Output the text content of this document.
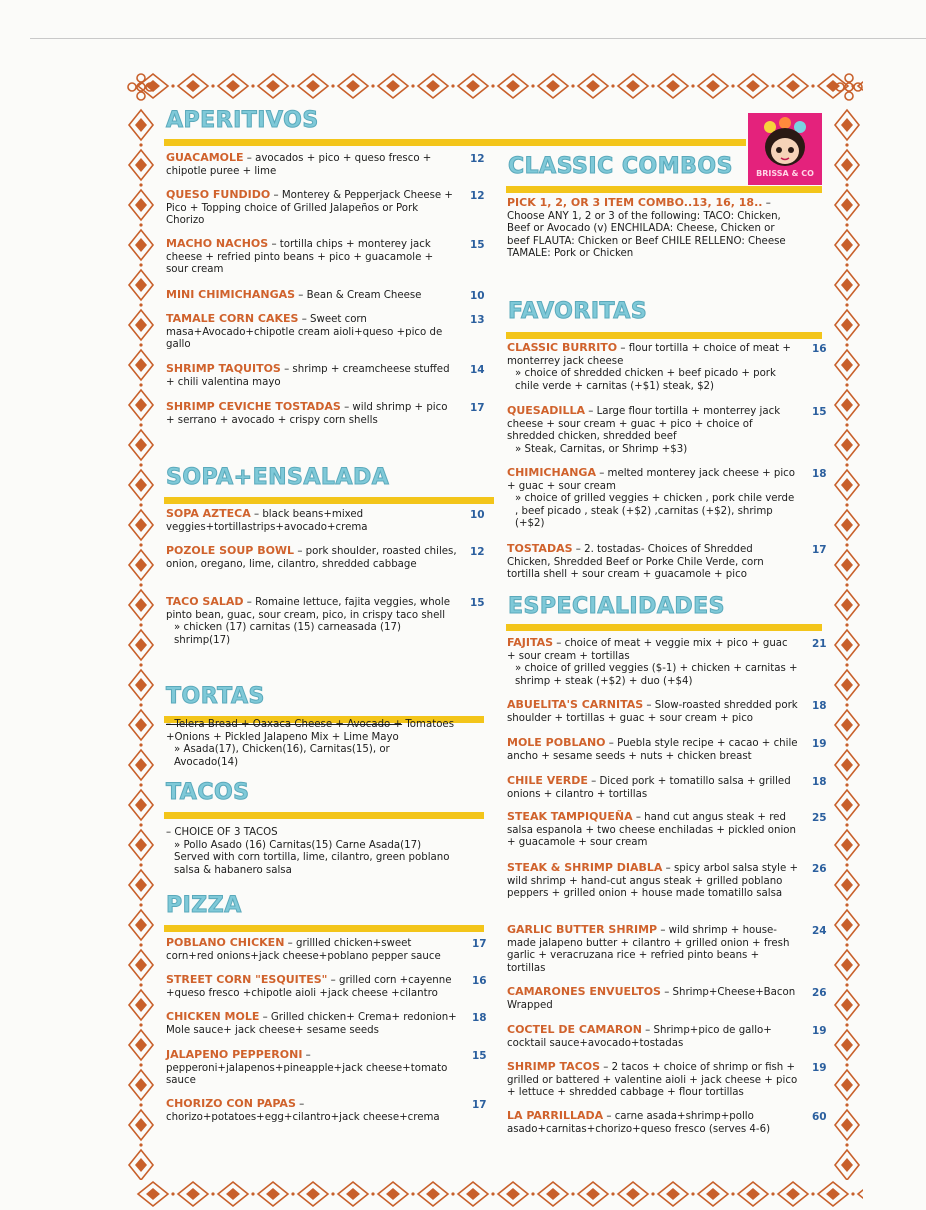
BRISSA & CO
APERITIVOS
GUACAMOLE – avocados + pico + queso fresco + chipotle puree + lime
12
QUESO FUNDIDO – Monterey & Pepperjack Cheese + Pico + Topping choice of Grilled Jalapeños or Pork Chorizo
12
MACHO NACHOS – tortilla chips + monterey jack cheese + refried pinto beans + pico + guacamole + sour cream
15
MINI CHIMICHANGAS – Bean & Cream Cheese	10
TAMALE CORN CAKES – Sweet corn masa+Avocado+chipotle cream aioli+queso +pico de gallo
13
SHRIMP TAQUITOS – shrimp + creamcheese stuffed + chili valentina mayo
14
SHRIMP CEVICHE TOSTADAS – wild shrimp + pico + serrano + avocado + crispy corn shells
17
SOPA+ENSALADA
SOPA AZTECA – black beans+mixed veggies+tortillastrips+avocado+crema
10
POZOLE SOUP BOWL – pork shoulder, roasted chiles, onion, oregano, lime, cilantro, shredded cabbage
12
TACO SALAD – Romaine lettuce, fajita veggies, whole pinto bean, guac, sour cream, pico, in crispy taco shell
» chicken (17) carnitas (15) carneasada (17) shrimp(17)
15
TORTAS
– Telera Bread + Oaxaca Cheese + Avocado + Tomatoes +Onions + Pickled Jalapeno Mix + Lime Mayo
» Asada(17), Chicken(16), Carnitas(15), or Avocado(14)
TACOS
– CHOICE OF 3 TACOS
» Pollo Asado (16) Carnitas(15) Carne Asada(17)
Served with corn tortilla, lime, cilantro, green poblano salsa & habanero salsa
PIZZA
POBLANO CHICKEN – grillled chicken+sweet corn+red onions+jack cheese+poblano pepper sauce
17
STREET CORN "ESQUITES" – grilled corn +cayenne +queso fresco +chipotle aioli +jack cheese +cilantro
16
CHICKEN MOLE – Grilled chicken+ Crema+ redonion+ Mole sauce+ jack cheese+ sesame seeds
18
JALAPENO PEPPERONI – pepperoni+jalapenos+pineapple+jack cheese+tomato sauce
15
CHORIZO CON PAPAS – chorizo+potatoes+egg+cilantro+jack cheese+crema
17
CLASSIC COMBOS
PICK 1, 2, OR 3 ITEM COMBO..13, 16, 18.. – Choose ANY 1, 2 or 3 of the following: TACO: Chicken, Beef or Avocado (v) ENCHILADA: Cheese, Chicken or beef FLAUTA: Chicken or Beef CHILE RELLENO: Cheese TAMALE: Pork or Chicken
FAVORITAS
CLASSIC BURRITO – flour tortilla + choice of meat + monterrey jack cheese
» choice of shredded chicken + beef picado + pork chile verde + carnitas (+$1) steak, $2)
16
QUESADILLA – Large flour tortilla + monterrey jack cheese + sour cream + guac + pico + choice of shredded chicken, shredded beef
» Steak, Carnitas, or Shrimp +$3)
15
CHIMICHANGA – melted monterey jack cheese + pico + guac + sour cream
» choice of grilled veggies + chicken , pork chile verde , beef picado , steak (+$2) ,carnitas (+$2), shrimp (+$2)
18
TOSTADAS – 2. tostadas- Choices of Shredded Chicken, Shredded Beef or Porke Chile Verde, corn tortilla shell + sour cream + guacamole + pico
17
ESPECIALIDADES
FAJITAS – choice of meat + veggie mix + pico + guac + sour cream + tortillas
» choice of grilled veggies ($-1) + chicken + carnitas + shrimp + steak (+$2) + duo (+$4)
21
ABUELITA'S CARNITAS – Slow-roasted shredded pork shoulder + tortillas + guac + sour cream + pico
18
MOLE POBLANO – Puebla style recipe + cacao + chile ancho + sesame seeds + nuts + chicken breast
19
CHILE VERDE – Diced pork + tomatillo salsa + grilled onions + cilantro + tortillas
18
STEAK TAMPIQUEÑA – hand cut angus steak + red salsa espanola + two cheese enchiladas + pickled onion + guacamole + sour cream
25
STEAK & SHRIMP DIABLA – spicy arbol salsa style + wild shrimp + hand-cut angus steak + grilled poblano peppers + grilled onion + house made tomatillo salsa
26
GARLIC BUTTER SHRIMP – wild shrimp + house-made jalapeno butter + cilantro + grilled onion + fresh garlic + veracruzana rice + refried pinto beans + tortillas
24
CAMARONES ENVUELTOS – Shrimp+Cheese+Bacon Wrapped
26
COCTEL DE CAMARON – Shrimp+pico de gallo+ cocktail sauce+avocado+tostadas
19
SHRIMP TACOS – 2 tacos + choice of shrimp or fish + grilled or battered + valentine aioli + jack cheese + pico + lettuce + shredded cabbage + flour tortillas
19
LA PARRILLADA – carne asada+shrimp+pollo asado+carnitas+chorizo+queso fresco (serves 4-6)
60
